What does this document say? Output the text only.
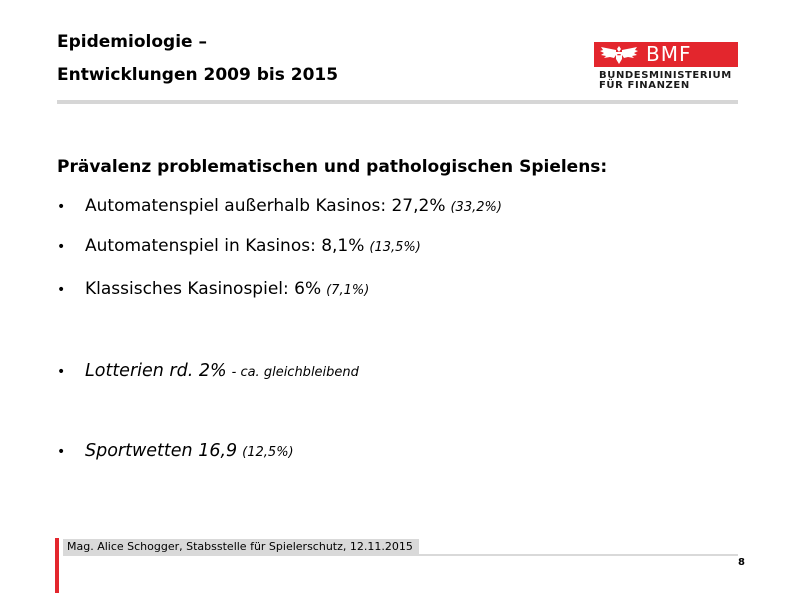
Epidemiologie –
Entwicklungen 2009 bis 2015
BMF
BUNDESMINISTERIUM
FÜR FINANZEN
Prävalenz problematischen und pathologischen Spielens:
•	Automatenspiel außerhalb Kasinos: 27,2% (33,2%)
•	Automatenspiel in Kasinos: 8,1% (13,5%)
•	Klassisches Kasinospiel: 6% (7,1%)
•	Lotterien rd. 2% - ca. gleichbleibend
•	Sportwetten 16,9 (12,5%)
Mag. Alice Schogger, Stabsstelle für Spielerschutz, 12.11.2015
8
